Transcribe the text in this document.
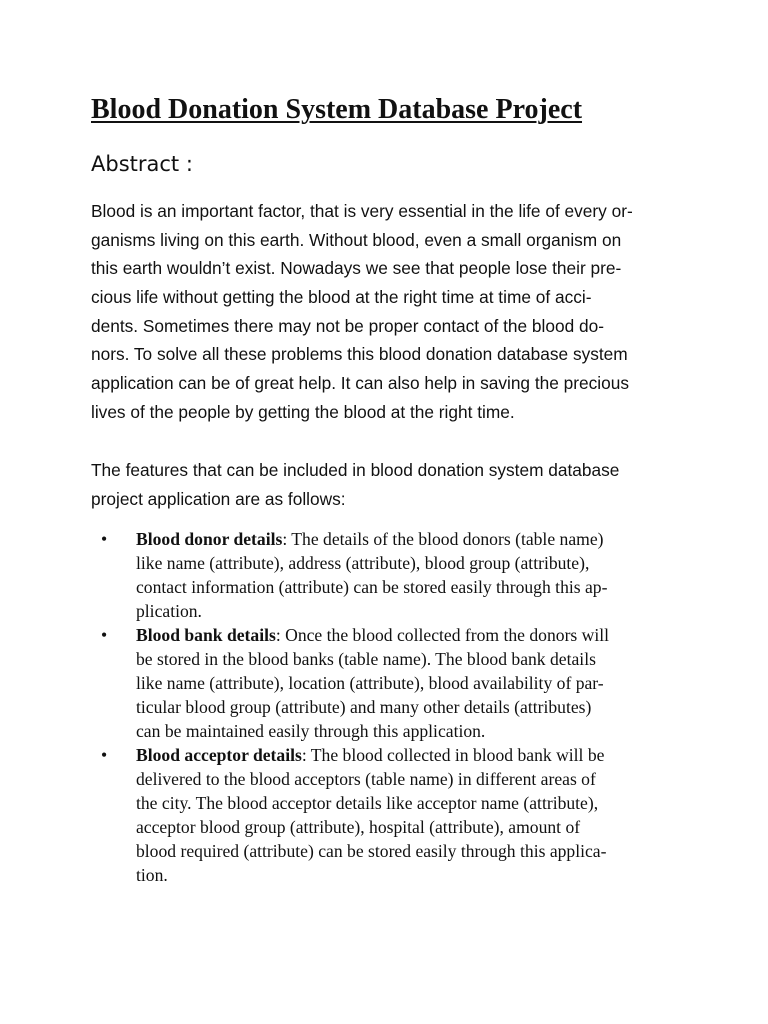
Blood Donation System Database Project
Abstract :

Blood is an important factor, that is very essential in the life of every or-
ganisms living on this earth. Without blood, even a small organism on
this earth wouldn’t exist. Nowadays we see that people lose their pre-
cious life without getting the blood at the right time at time of acci-
dents. Sometimes there may not be proper contact of the blood do-
nors. To solve all these problems this blood donation database system
application can be of great help. It can also help in saving the precious
lives of the people by getting the blood at the right time.

The features that can be included in blood donation system database
project application are as follows:

• Blood donor details: The details of the blood donors (table name)
like name (attribute), address (attribute), blood group (attribute),
contact information (attribute) can be stored easily through this ap-
plication.
• Blood bank details: Once the blood collected from the donors will
be stored in the blood banks (table name). The blood bank details
like name (attribute), location (attribute), blood availability of par-
ticular blood group (attribute) and many other details (attributes)
can be maintained easily through this application.
• Blood acceptor details: The blood collected in blood bank will be
delivered to the blood acceptors (table name) in different areas of
the city. The blood acceptor details like acceptor name (attribute),
acceptor blood group (attribute), hospital (attribute), amount of
blood required (attribute) can be stored easily through this applica-
tion.
